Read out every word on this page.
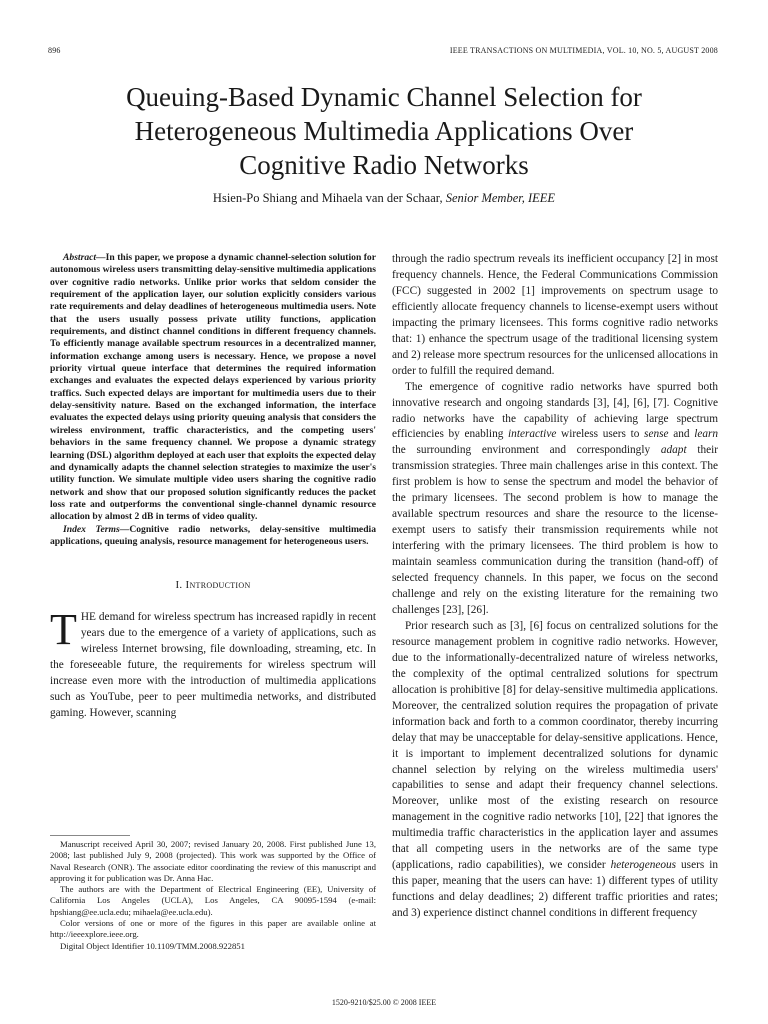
896	IEEE TRANSACTIONS ON MULTIMEDIA, VOL. 10, NO. 5, AUGUST 2008
Queuing-Based Dynamic Channel Selection for
Heterogeneous Multimedia Applications Over
Cognitive Radio Networks
Hsien-Po Shiang and Mihaela van der Schaar, Senior Member, IEEE

Abstract—In this paper, we propose a dynamic channel-selection solution for autonomous wireless users transmitting delay-sensitive multimedia applications over cognitive radio networks. Unlike prior works that seldom consider the requirement of the application layer, our solution explicitly considers various rate requirements and delay deadlines of heterogeneous multimedia users. Note that the users usually possess private utility functions, application requirements, and distinct channel conditions in different frequency channels. To efficiently manage available spectrum resources in a decentralized manner, information exchange among users is necessary. Hence, we propose a novel priority virtual queue interface that determines the required information exchanges and evaluates the expected delays experienced by various priority traffics. Such expected delays are important for multimedia users due to their delay-sensitivity nature. Based on the exchanged information, the interface evaluates the expected delays using priority queuing analysis that considers the wireless environment, traffic characteristics, and the competing users' behaviors in the same frequency channel. We propose a dynamic strategy learning (DSL) algorithm deployed at each user that exploits the expected delay and dynamically adapts the channel selection strategies to maximize the user's utility function. We simulate multiple video users sharing the cognitive radio network and show that our proposed solution significantly reduces the packet loss rate and outperforms the conventional single-channel dynamic resource allocation by almost 2 dB in terms of video quality.

Index Terms—Cognitive radio networks, delay-sensitive multimedia applications, queuing analysis, resource management for heterogeneous users.

I. Introduction

THE demand for wireless spectrum has increased rapidly in recent years due to the emergence of a variety of applications, such as wireless Internet browsing, file downloading, streaming, etc. In the foreseeable future, the requirements for wireless spectrum will increase even more with the introduction of multimedia applications such as YouTube, peer to peer multimedia networks, and distributed gaming. However, scanning

Manuscript received April 30, 2007; revised January 20, 2008. First published June 13, 2008; last published July 9, 2008 (projected). This work was supported by the Office of Naval Research (ONR). The associate editor coordinating the review of this manuscript and approving it for publication was Dr. Anna Hac.

The authors are with the Department of Electrical Engineering (EE), University of California Los Angeles (UCLA), Los Angeles, CA 90095-1594 (e-mail: hpshiang@ee.ucla.edu; mihaela@ee.ucla.edu).

Color versions of one or more of the figures in this paper are available online at http://ieeexplore.ieee.org.

Digital Object Identifier 10.1109/TMM.2008.922851

through the radio spectrum reveals its inefficient occupancy [2] in most frequency channels. Hence, the Federal Communications Commission (FCC) suggested in 2002 [1] improvements on spectrum usage to efficiently allocate frequency channels to license-exempt users without impacting the primary licensees. This forms cognitive radio networks that: 1) enhance the spectrum usage of the traditional licensing system and 2) release more spectrum resources for the unlicensed allocations in order to fulfill the required demand.

The emergence of cognitive radio networks have spurred both innovative research and ongoing standards [3], [4], [6], [7]. Cognitive radio networks have the capability of achieving large spectrum efficiencies by enabling interactive wireless users to sense and learn the surrounding environment and correspondingly adapt their transmission strategies. Three main challenges arise in this context. The first problem is how to sense the spectrum and model the behavior of the primary licensees. The second problem is how to manage the available spectrum resources and share the resource to the license-exempt users to satisfy their transmission requirements while not interfering with the primary licensees. The third problem is how to maintain seamless communication during the transition (hand-off) of selected frequency channels. In this paper, we focus on the second challenge and rely on the existing literature for the remaining two challenges [23], [26].

Prior research such as [3], [6] focus on centralized solutions for the resource management problem in cognitive radio networks. However, due to the informationally-decentralized nature of wireless networks, the complexity of the optimal centralized solutions for spectrum allocation is prohibitive [8] for delay-sensitive multimedia applications. Moreover, the centralized solution requires the propagation of private information back and forth to a common coordinator, thereby incurring delay that may be unacceptable for delay-sensitive applications. Hence, it is important to implement decentralized solutions for dynamic channel selection by relying on the wireless multimedia users' capabilities to sense and adapt their frequency channel selections. Moreover, unlike most of the existing research on resource management in the cognitive radio networks [10], [22] that ignores the multimedia traffic characteristics in the application layer and assumes that all competing users in the networks are of the same type (applications, radio capabilities), we consider heterogeneous users in this paper, meaning that the users can have: 1) different types of utility functions and delay deadlines; 2) different traffic priorities and rates; and 3) experience distinct channel conditions in different frequency

1520-9210/$25.00 © 2008 IEEE
